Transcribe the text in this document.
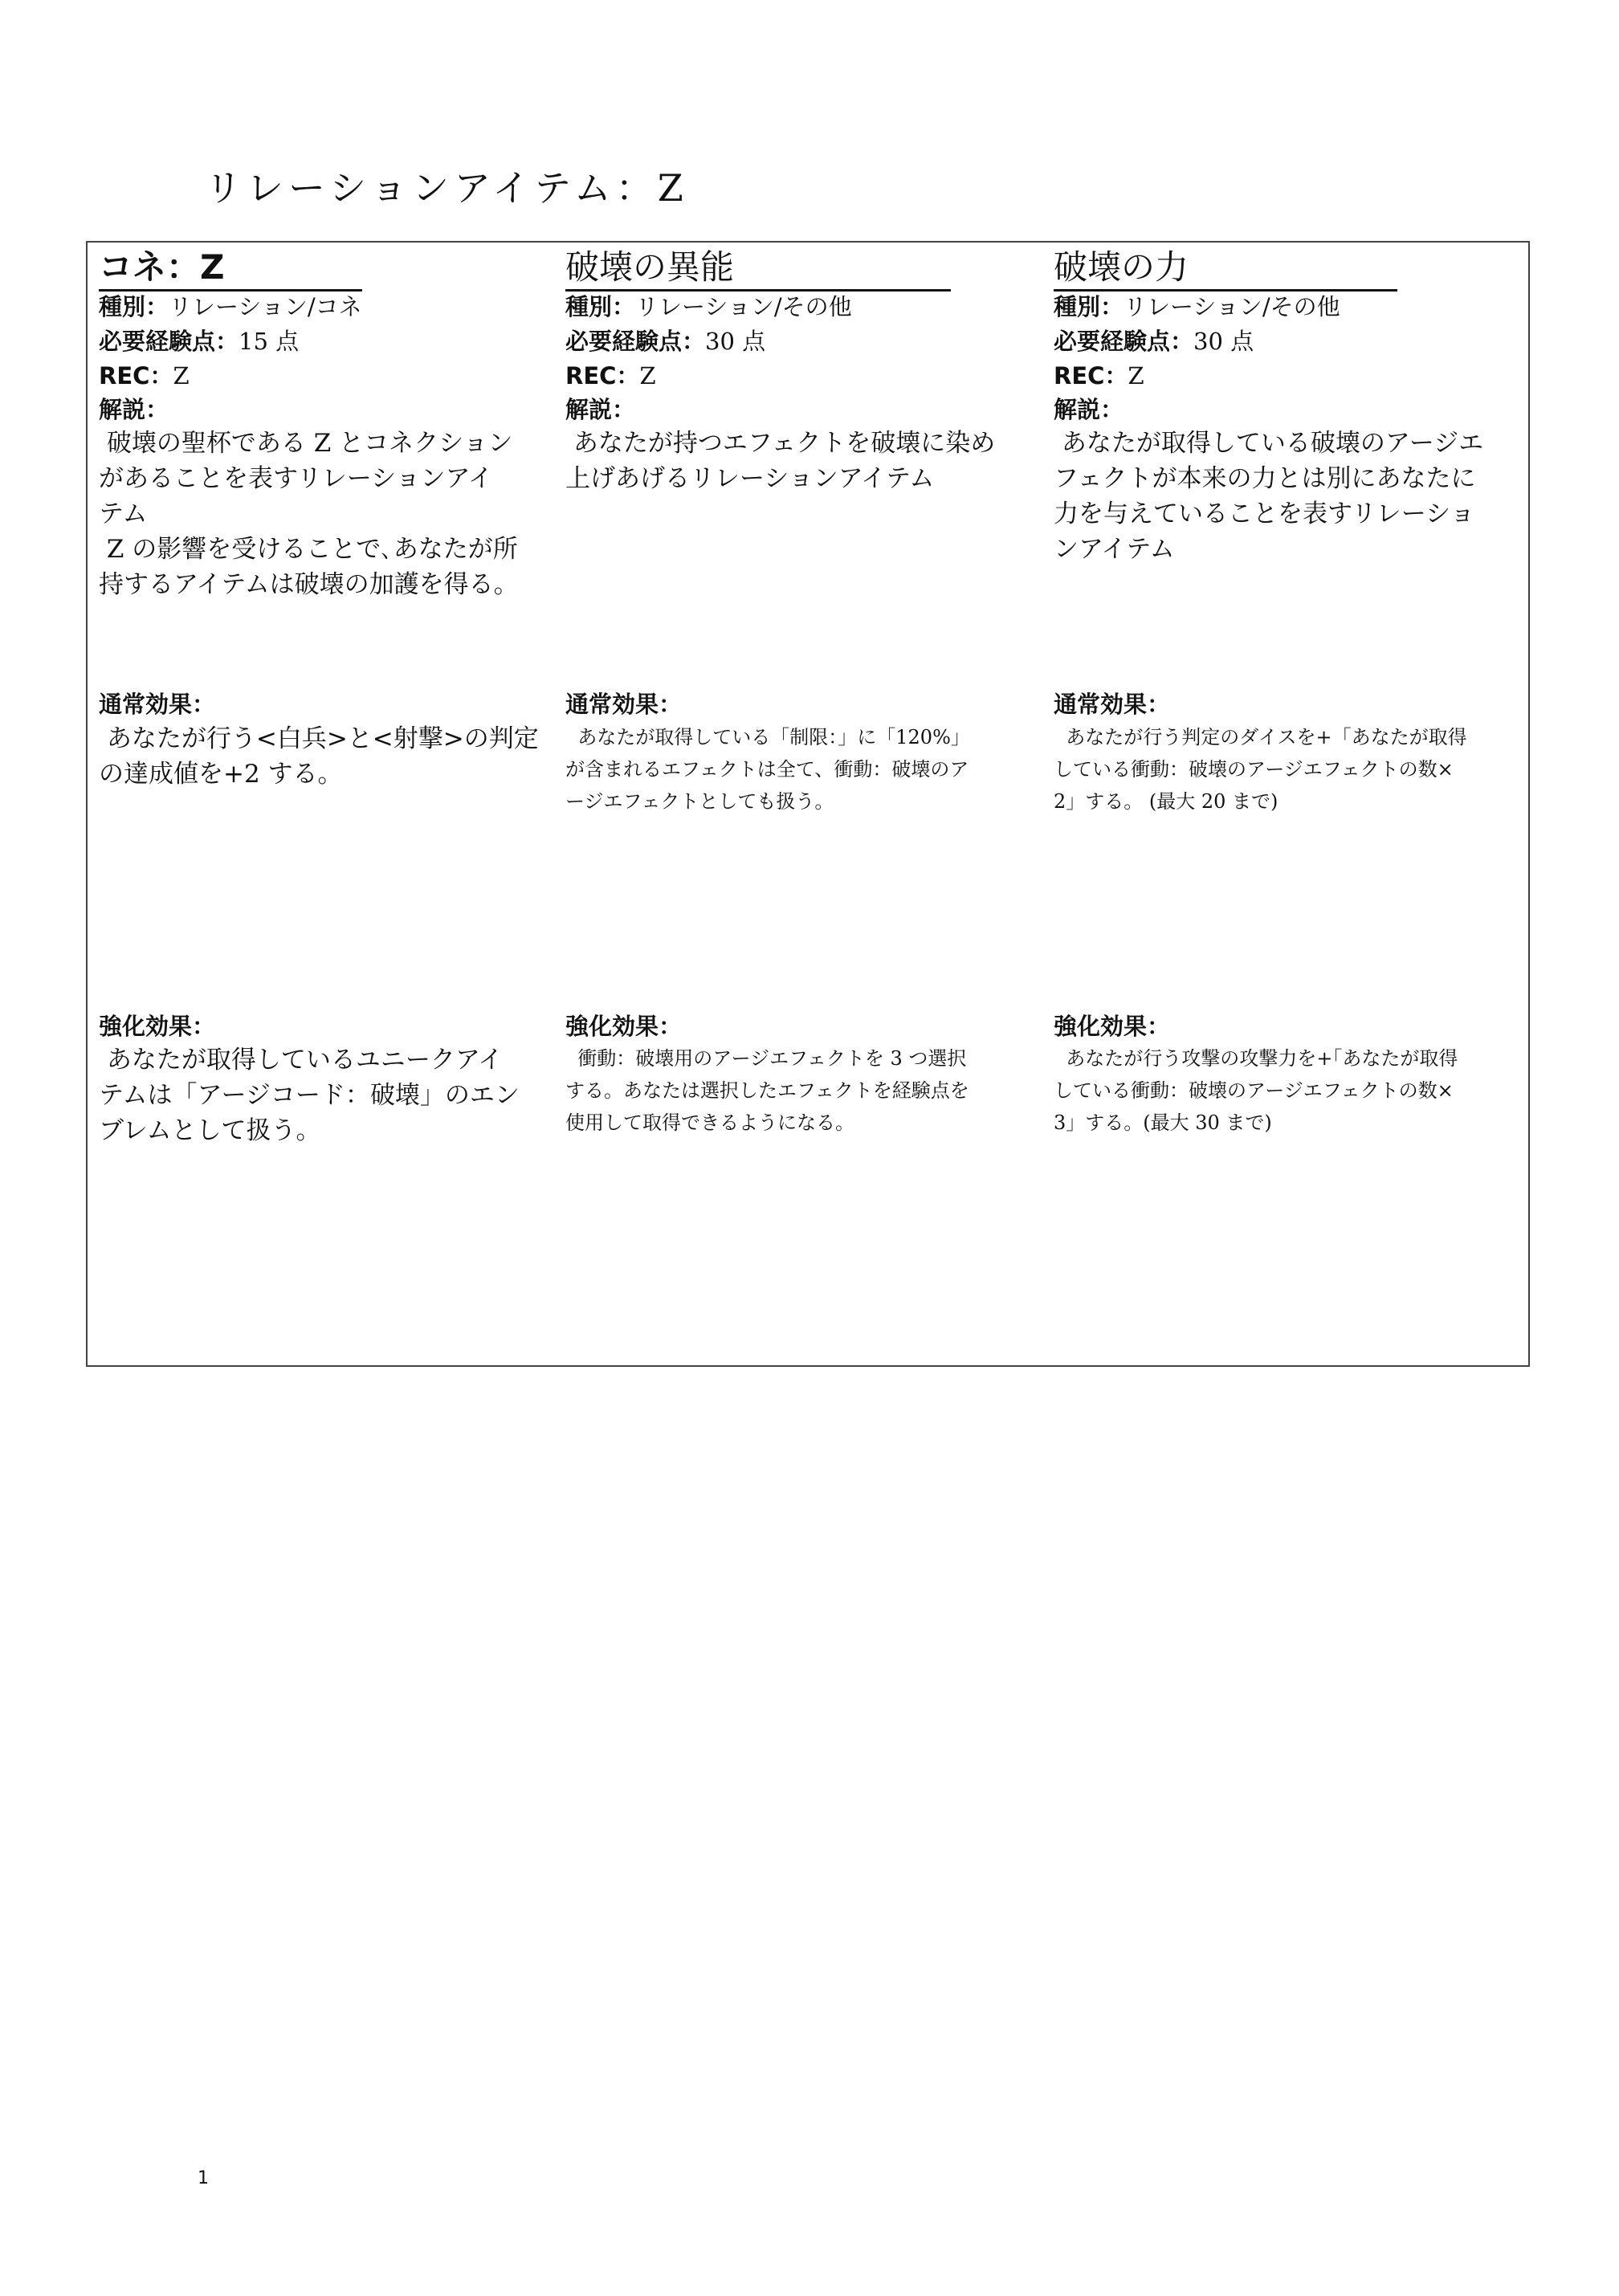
リレーションアイテム：Z
コネ：Z
種別：リレーション/コネ
必要経験点：15 点
REC：Z
解説：
破壊の聖杯である Z とコネクション
があることを表すリレーションアイ
テム
Z の影響を受けることで､あなたが所
持するアイテムは破壊の加護を得る。
通常効果：
あなたが行う<白兵>と<射撃>の判定
の達成値を+2 する。
強化効果：
あなたが取得しているユニークアイ
テムは「アージコード：破壊」のエン
ブレムとして扱う。
破壊の異能
種別：リレーション/その他
必要経験点：30 点
REC：Z
解説：
あなたが持つエフェクトを破壊に染め
上げあげるリレーションアイテム
通常効果：
あなたが取得している「制限：」に「120%」
が含まれるエフェクトは全て、衝動：破壊のア
ージエフェクトとしても扱う。
強化効果：
衝動：破壊用のアージエフェクトを 3 つ選択
する。あなたは選択したエフェクトを経験点を
使用して取得できるようになる。
破壊の力
種別：リレーション/その他
必要経験点：30 点
REC：Z
解説：
あなたが取得している破壊のアージエ
フェクトが本来の力とは別にあなたに
力を与えていることを表すリレーショ
ンアイテム
通常効果：
あなたが行う判定のダイスを+「あなたが取得
している衝動：破壊のアージエフェクトの数×
2」する。 (最大 20 まで)
強化効果：
あなたが行う攻撃の攻撃力を+｢あなたが取得
している衝動：破壊のアージエフェクトの数×
3」する。(最大 30 まで)
1
